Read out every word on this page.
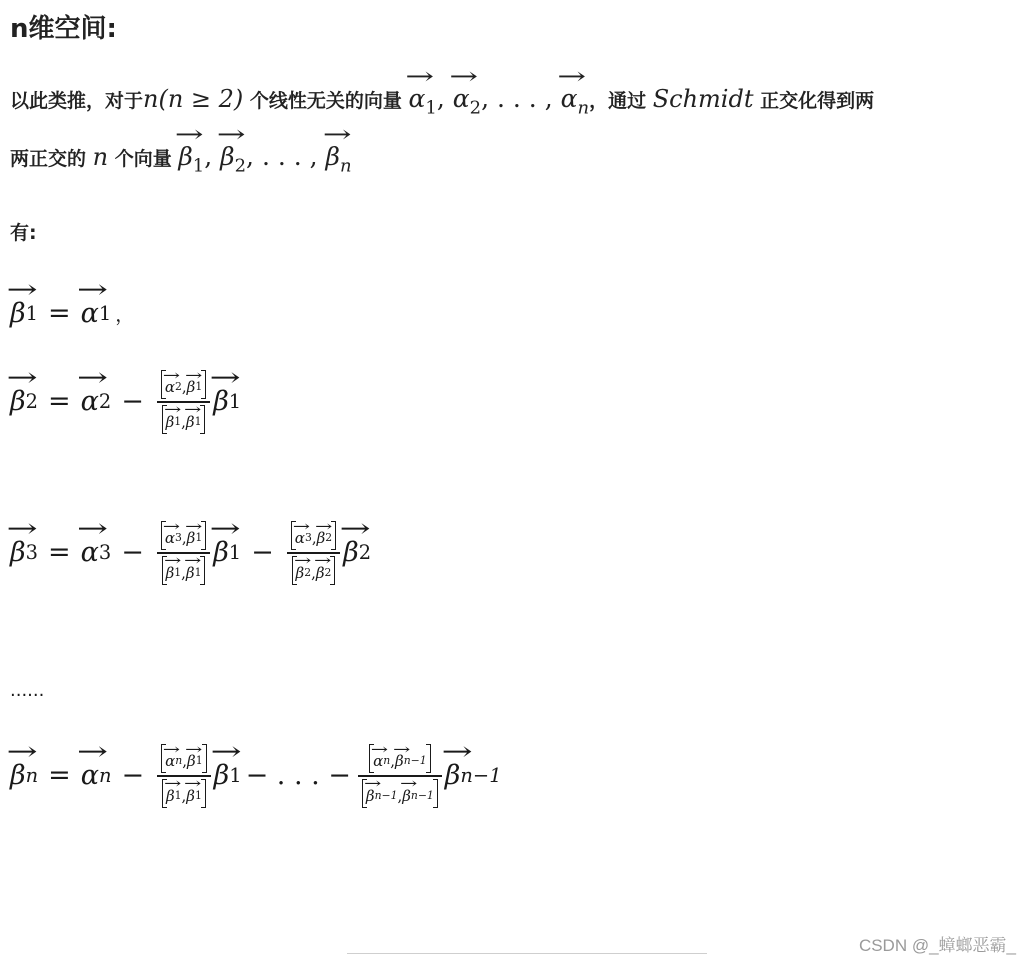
n维空间:
以此类推，对于n(n ≥ 2) 个线性无关的向量 → $\alpha_1$, → $\alpha_2$, . . . , → $\alpha_n$，通过 Schmidt 正交化得到两
两正交的 n 个向量 → $\beta_1$, → $\beta_2$, . . . , → $\beta_n$
有:
→ β 1 = → α 1 ，
→ β 2 = → α 2 − → α 2 , → β 1
→ β 1 , → β 1 → β 1
→ β 3 = → α 3 − → α 3 , → β 1
→ β 1 , → β 1 → β 1 − → α 3 , → β 2
→ β 2 , → β 2 → β 2
......
→ β n = → α n − → α n , → β 1
→ β 1 , → β 1 → β 1 − . . . − → α n , → β n−1
→ β n−1 , → β n−1 → β n−1
CSDN @_蟑螂恶霸_
